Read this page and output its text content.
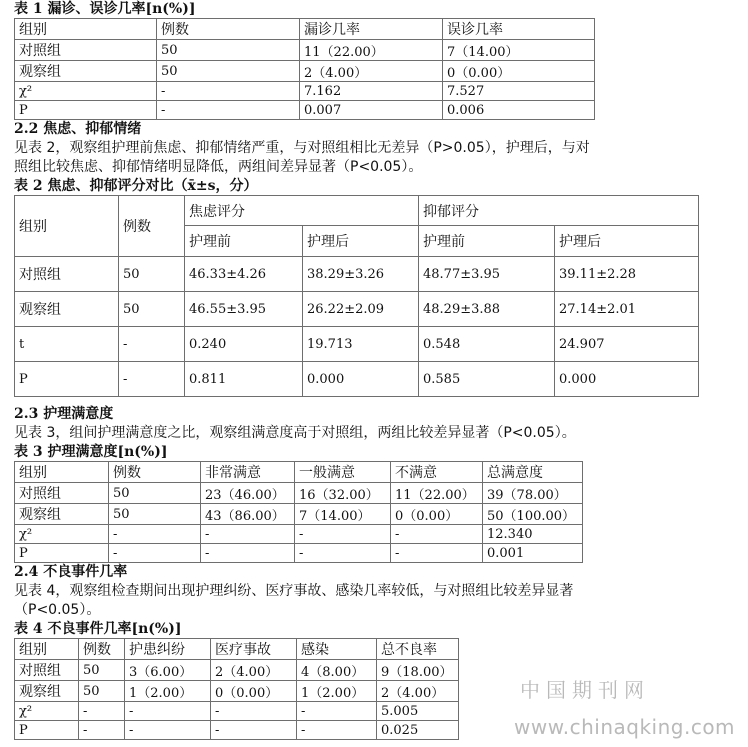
表 1 漏诊、误诊几率[n(%)]
组别	例数	漏诊几率	误诊几率
对照组	50	11（22.00）	7（14.00）
观察组	50	2（4.00）	0（0.00）
χ²	-	7.162	7.527
P	-	0.007	0.006
2.2 焦虑、抑郁情绪
见表 2，观察组护理前焦虑、抑郁情绪严重，与对照组相比无差异（P>0.05），护理后，与对
照组比较焦虑、抑郁情绪明显降低，两组间差异显著（P<0.05）。
表 2 焦虑、抑郁评分对比（x̄±s，分）
组别	例数	焦虑评分		抑郁评分	
		护理前	护理后	护理前	护理后
对照组	50	46.33±4.26	38.29±3.26	48.77±3.95	39.11±2.28
观察组	50	46.55±3.95	26.22±2.09	48.29±3.88	27.14±2.01
t	-	0.240	19.713	0.548	24.907
P	-	0.811	0.000	0.585	0.000
2.3 护理满意度
见表 3，组间护理满意度之比，观察组满意度高于对照组，两组比较差异显著（P<0.05）。
表 3 护理满意度[n(%)]
组别	例数	非常满意	一般满意	不满意	总满意度
对照组	50	23（46.00）	16（32.00）	11（22.00）	39（78.00）
观察组	50	43（86.00）	7（14.00）	0（0.00）	50（100.00）
χ²	-	-	-	-	12.340
P	-	-	-	-	0.001
2.4 不良事件几率
见表 4，观察组检查期间出现护理纠纷、医疗事故、感染几率较低，与对照组比较差异显著
（P<0.05）。
表 4 不良事件几率[n(%)]
组别	例数	护患纠纷	医疗事故	感染	总不良率
对照组	50	3（6.00）	2（4.00）	4（8.00）	9（18.00）
观察组	50	1（2.00）	0（0.00）	1（2.00）	2（4.00）
χ²	-	-	-	-	5.005
P	-	-	-	-	0.025
中国期刊网
www.chinaqking.com
